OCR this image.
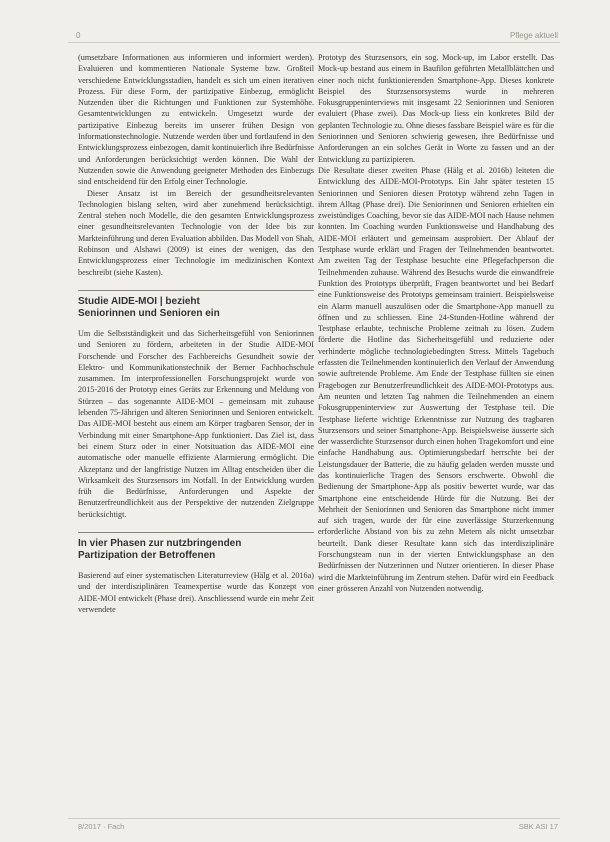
0	Pflege aktuell

(umsetzbare Informationen aus informieren und informiert werden). Evaluieren und kommentieren Nationale Systeme bzw. Großteil verschiedene Entwicklungsstadien, handelt es sich um einen iterativen Prozess. Für diese Form, der partizipative Einbezug, ermöglicht Nutzenden über die Richtungen und Funktionen zur Systemhöhe. Gesamtentwicklungen zu entwickeln. Umgesetzt wurde der partizipative Einbezug bereits im unserer frühen Design von Informationstechnologie. Nutzende werden über und fortlaufend in den Entwicklungsprozess einbezogen, damit kontinuierlich ihre Bedürfnisse und Anforderungen berücksichtigt werden können. Die Wahl der Nutzenden sowie die Anwendung geeigneter Methoden des Einbezugs sind entscheidend für den Erfolg einer Technologie.

Dieser Ansatz ist im Bereich der gesundheitsrelevanten Technologien bislang selten, wird aber zunehmend berücksichtigt. Zentral stehen noch Modelle, die den gesamten Entwicklungsprozess einer gesundheitsrelevanten Technologie von der Idee bis zur Markteinführung und deren Evaluation abbilden. Das Modell von Shah, Robinson und Alshawi (2009) ist eines der wenigen, das den Entwicklungsprozess einer Technologie im medizinischen Kontext beschreibt (siehe Kasten).

Studie AIDE-MOI | bezieht
Seniorinnen und Senioren ein

Um die Selbstständigkeit und das Sicherheitsgefühl von Seniorinnen und Senioren zu fördern, arbeiteten in der Studie AIDE-MOI Forschende und Forscher des Fachbereichs Gesundheit sowie der Elektro- und Kommunikationstechnik der Berner Fachhochschule zusammen. Im interprofessionellen Forschungsprojekt wurde von 2015-2016 der Prototyp eines Geräts zur Erkennung und Meldung von Stürzen – das sogenannte AIDE-MOI – gemeinsam mit zuhause lebenden 75-Jährigen und älteren Seniorinnen und Senioren entwickelt. Das AIDE-MOI besteht aus einem am Körper tragbaren Sensor, der in Verbindung mit einer Smartphone-App funktioniert. Das Ziel ist, dass bei einem Sturz oder in einer Notsituation das AIDE-MOI eine automatische oder manuelle effiziente Alarmierung ermöglicht. Die Akzeptanz und der langfristige Nutzen im Alltag entscheiden über die Wirksamkeit des Sturzsensors im Notfall. In der Entwicklung wurden früh die Bedürfnisse, Anforderungen und Aspekte der Benutzerfreundlichkeit aus der Perspektive der nutzenden Zielgruppe berücksichtigt.

In vier Phasen zur nutzbringenden
Partizipation der Betroffenen

Basierend auf einer systematischen Literaturreview (Hälg et al. 2016a) und der interdisziplinären Teamexpertise wurde das Konzept von AIDE-MOI entwickelt (Phase drei). Anschliessend wurde ein mehr Zeit verwendete

Prototyp des Sturzsensors, ein sog. Mock-up, im Labor erstellt. Das Mock-up bestand aus einem in Baufilon geführten Metallblättchen und einer noch nicht funktionierenden Smartphone-App. Dieses konkrete Beispiel des Sturzsensorsystems wurde in mehreren Fokusgruppeninterviews mit insgesamt 22 Seniorinnen und Senioren evaluiert (Phase zwei). Das Mock-up liess ein konkretes Bild der geplanten Technologie zu. Ohne dieses fassbare Beispiel wäre es für die Seniorinnen und Senioren schwierig gewesen, ihre Bedürfnisse und Anforderungen an ein solches Gerät in Worte zu fassen und an der Entwicklung zu partizipieren.

Die Resultate dieser zweiten Phase (Hälg et al. 2016b) leiteten die Entwicklung des AIDE-MOI-Prototyps. Ein Jahr später testeten 15 Seniorinnen und Senioren diesen Prototyp während zehn Tagen in ihrem Alltag (Phase drei). Die Seniorinnen und Senioren erhielten ein zweistündiges Coaching, bevor sie das AIDE-MOI nach Hause nehmen konnten. Im Coaching wurden Funktionsweise und Handhabung des AIDE-MOI erläutert und gemeinsam ausprobiert. Der Ablauf der Testphase wurde erklärt und Fragen der Teilnehmenden beantwortet. Am zweiten Tag der Testphase besuchte eine Pflegefachperson die Teilnehmenden zuhause. Während des Besuchs wurde die einwandfreie Funktion des Prototyps überprüft, Fragen beantwortet und bei Bedarf eine Funktionsweise des Prototyps gemeinsam trainiert. Beispielsweise ein Alarm manuell auszulösen oder die Smartphone-App manuell zu öffnen und zu schliessen. Eine 24-Stunden-Hotline während der Testphase erlaubte, technische Probleme zeitnah zu lösen. Zudem förderte die Hotline das Sicherheitsgefühl und reduzierte oder verhinderte mögliche technologiebedingten Stress. Mittels Tagebuch erfassten die Teilnehmenden kontinuierlich den Verlauf der Anwendung sowie auftretende Probleme. Am Ende der Testphase füllten sie einen Fragebogen zur Benutzerfreundlichkeit des AIDE-MOI-Prototyps aus. Am neunten und letzten Tag nahmen die Teilnehmenden an einem Fokusgruppeninterview zur Auswertung der Testphase teil. Die Testphase lieferte wichtige Erkenntnisse zur Nutzung des tragbaren Sturzsensors und seiner Smartphone-App. Beispielsweise äusserte sich der wasserdichte Sturzsensor durch einen hohen Tragekomfort und eine einfache Handhabung aus. Optimierungsbedarf herrschte bei der Leistungsdauer der Batterie, die zu häufig geladen werden musste und das kontinuierliche Tragen des Sensors erschwerte. Obwohl die Bedienung der Smartphone-App als positiv bewertet wurde, war das Smartphone eine entscheidende Hürde für die Nutzung. Bei der Mehrheit der Seniorinnen und Senioren das Smartphone nicht immer auf sich tragen, wurde der für eine zuverlässige Sturzerkennung erforderliche Abstand von bis zu zehn Metern als nicht umsetzbar beurteilt. Dank dieser Resultate kann sich das interdisziplinäre Forschungsteam nun in der vierten Entwicklungsphase an den Bedürfnissen der Nutzerinnen und Nutzer orientieren. In dieser Phase wird die Markteinführung im Zentrum stehen. Dafür wird ein Feedback einer grösseren Anzahl von Nutzenden notwendig.

8/2017 · Fach	SBK ASI 17
